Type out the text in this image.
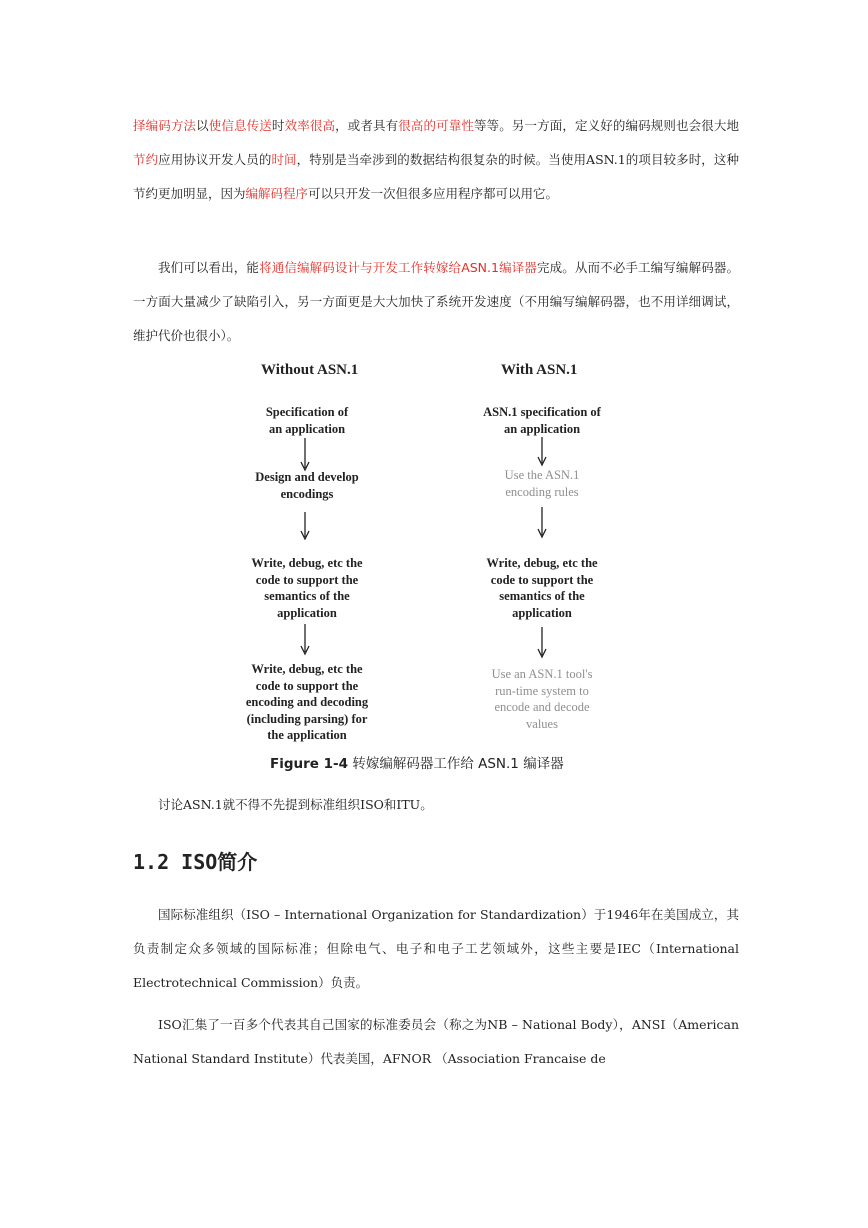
择编码方法以使信息传送时效率很高，或者具有很高的可靠性等等。另一方面，定义好的编码规则也会很大地节约应用协议开发人员的时间，特别是当牵涉到的数据结构很复杂的时候。当使用ASN.1的项目较多时，这种节约更加明显，因为编解码程序可以只开发一次但很多应用程序都可以用它。

我们可以看出，能将通信编解码设计与开发工作转嫁给ASN.1编译器完成。从而不必手工编写编解码器。一方面大量减少了缺陷引入，另一方面更是大大加快了系统开发速度（不用编写编解码器，也不用详细调试，维护代价也很小）。

Without ASN.1	With ASN.1
Specification of
an application
Design and develop
encodings
Write, debug, etc the
code to support the
semantics of the
application
Write, debug, etc the
code to support the
encoding and decoding
(including parsing) for
the application
ASN.1 specification of
an application
Use the ASN.1
encoding rules
Write, debug, etc the
code to support the
semantics of the
application
Use an ASN.1 tool's
run-time system to
encode and decode
values
Figure 1-4 转嫁编解码器工作给 ASN.1 编译器

讨论ASN.1就不得不先提到标准组织ISO和ITU。

1.2 ISO简介

国际标准组织（ISO – International Organization for Standardization）于1946年在美国成立，其负责制定众多领域的国际标准；但除电气、电子和电子工艺领域外，这些主要是IEC（International Electrotechnical Commission）负责。

ISO汇集了一百多个代表其自己国家的标准委员会（称之为NB – National Body），ANSI（American National Standard Institute）代表美国，AFNOR （Association Francaise de
